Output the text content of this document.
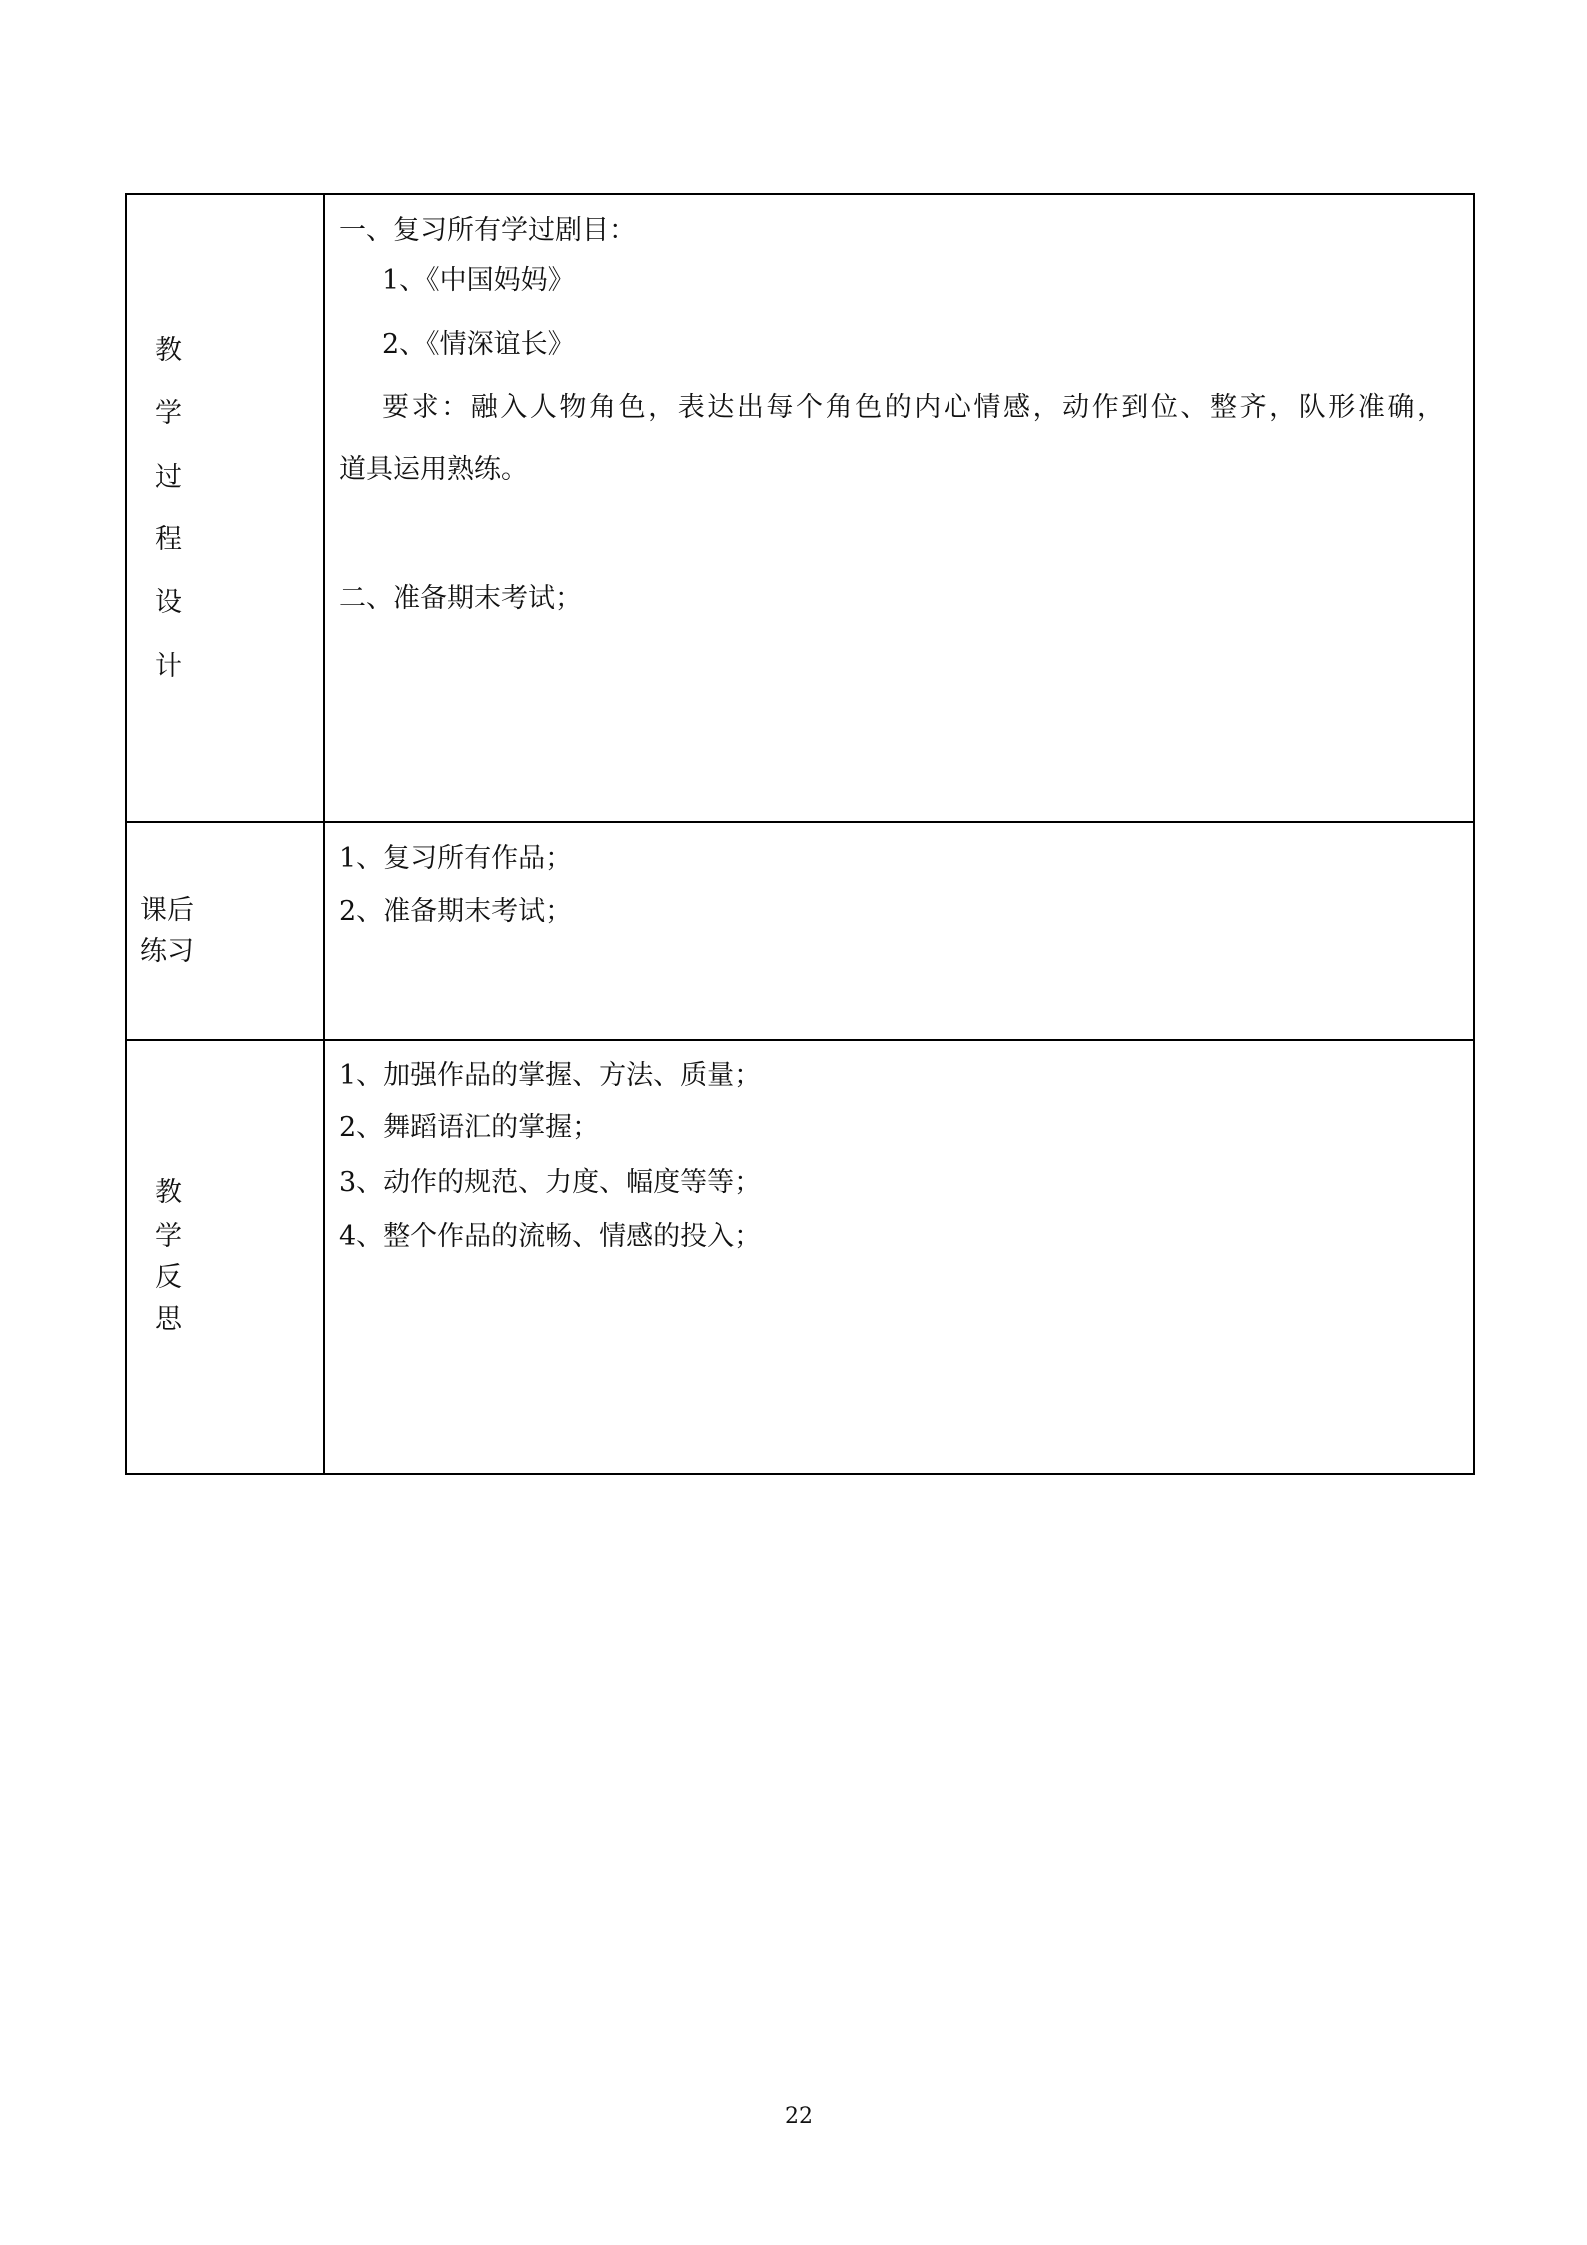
教
学
过
程
设
计
一、复习所有学过剧目：
1、《中国妈妈》
2、《情深谊长》
要求：融入人物角色，表达出每个角色的内心情感，动作到位、整齐，队形准确，
道具运用熟练。
二、准备期末考试；
课后
练习
1、复习所有作品；
2、准备期末考试；
教
学
反
思
1、加强作品的掌握、方法、质量；
2、舞蹈语汇的掌握；
3、动作的规范、力度、幅度等等；
4、整个作品的流畅、情感的投入；
22
